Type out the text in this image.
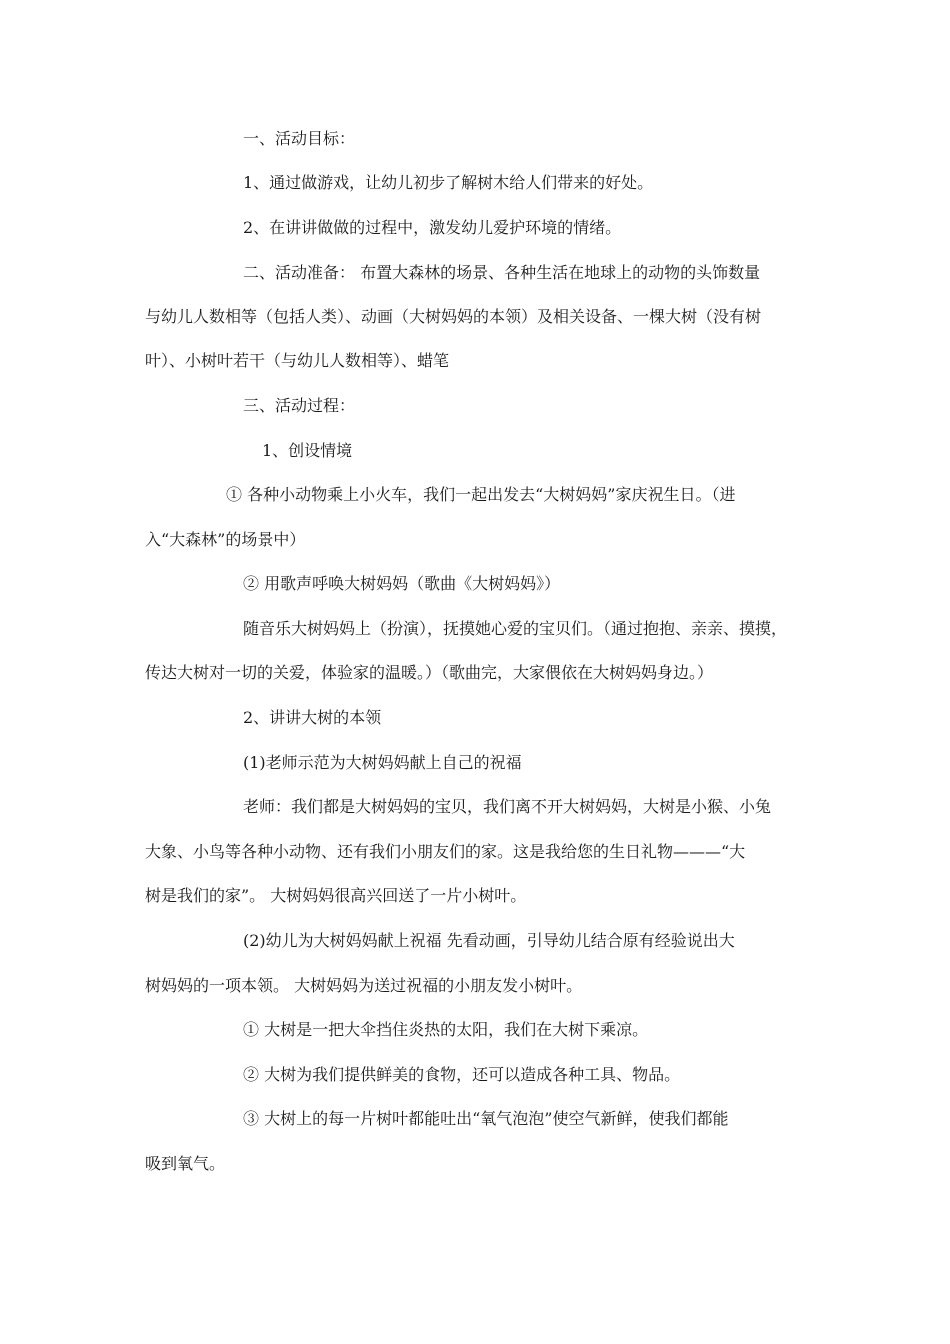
一、活动目标：
1、通过做游戏，让幼儿初步了解树木给人们带来的好处。
2、在讲讲做做的过程中，激发幼儿爱护环境的情绪。
二、活动准备： 布置大森林的场景、各种生活在地球上的动物的头饰数量
与幼儿人数相等（包括人类）、动画（大树妈妈的本领）及相关设备、一棵大树（没有树
叶）、小树叶若干（与幼儿人数相等）、蜡笔
三、活动过程：
1、创设情境
① 各种小动物乘上小火车，我们一起出发去“大树妈妈”家庆祝生日。（进
入“大森林”的场景中）
② 用歌声呼唤大树妈妈（歌曲《大树妈妈》）
随音乐大树妈妈上（扮演），抚摸她心爱的宝贝们。（通过抱抱、亲亲、摸摸，
传达大树对一切的关爱，体验家的温暖。）（歌曲完，大家偎依在大树妈妈身边。）
2、讲讲大树的本领
(1)老师示范为大树妈妈献上自己的祝福
老师：我们都是大树妈妈的宝贝，我们离不开大树妈妈，大树是小猴、小兔
大象、小鸟等各种小动物、还有我们小朋友们的家。这是我给您的生日礼物———“大
树是我们的家”。 大树妈妈很高兴回送了一片小树叶。
(2)幼儿为大树妈妈献上祝福 先看动画，引导幼儿结合原有经验说出大
树妈妈的一项本领。 大树妈妈为送过祝福的小朋友发小树叶。
① 大树是一把大伞挡住炎热的太阳，我们在大树下乘凉。
② 大树为我们提供鲜美的食物，还可以造成各种工具、物品。
③ 大树上的每一片树叶都能吐出“氧气泡泡”使空气新鲜，使我们都能
吸到氧气。
